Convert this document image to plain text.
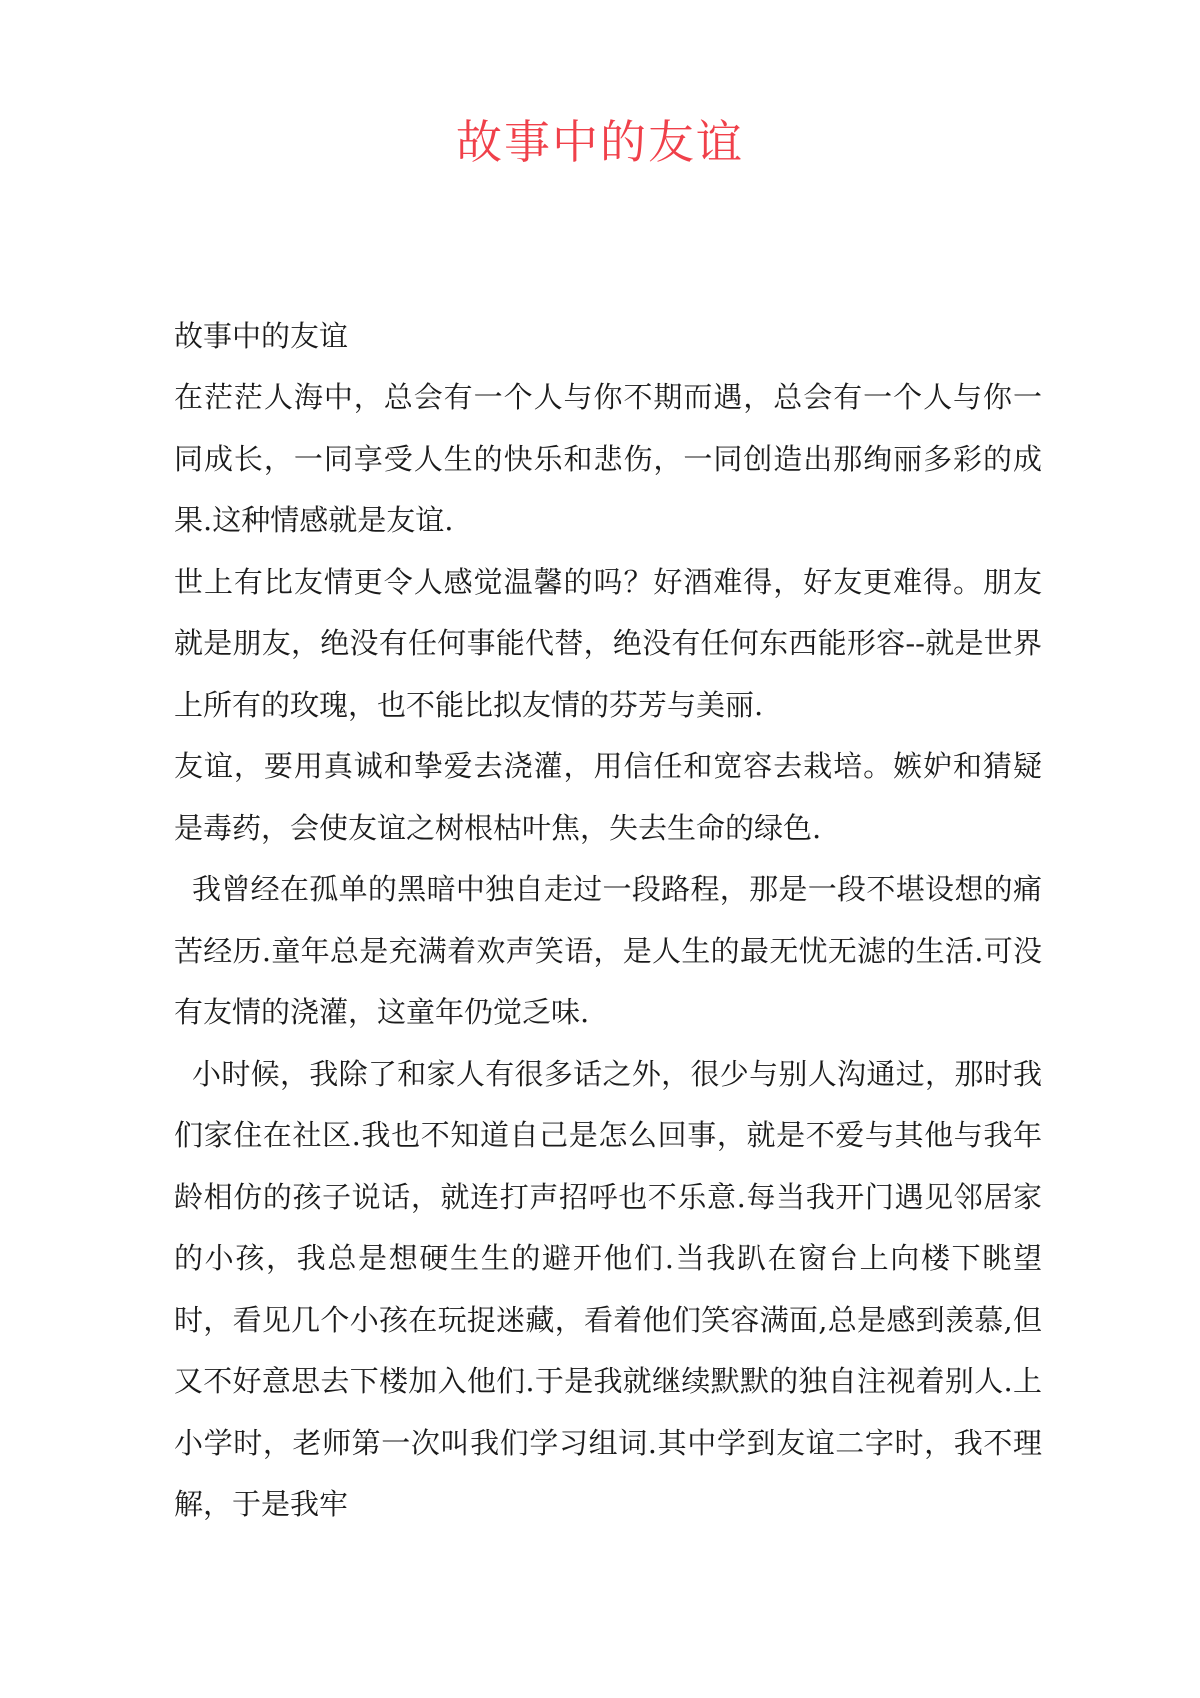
故事中的友谊

故事中的友谊

在茫茫人海中，总会有一个人与你不期而遇，总会有一个人与你一同成长，一同享受人生的快乐和悲伤，一同创造出那绚丽多彩的成果.这种情感就是友谊.

世上有比友情更令人感觉温馨的吗？好酒难得，好友更难得。朋友就是朋友，绝没有任何事能代替，绝没有任何东西能形容--就是世界上所有的玫瑰，也不能比拟友情的芬芳与美丽.

友谊，要用真诚和挚爱去浇灌，用信任和宽容去栽培。嫉妒和猜疑是毒药，会使友谊之树根枯叶焦，失去生命的绿色.

我曾经在孤单的黑暗中独自走过一段路程，那是一段不堪设想的痛苦经历.童年总是充满着欢声笑语，是人生的最无忧无滤的生活.可没有友情的浇灌，这童年仍觉乏味.

小时候，我除了和家人有很多话之外，很少与别人沟通过，那时我们家住在社区.我也不知道自己是怎么回事，就是不爱与其他与我年龄相仿的孩子说话，就连打声招呼也不乐意.每当我开门遇见邻居家的小孩，我总是想硬生生的避开他们.当我趴在窗台上向楼下眺望时，看见几个小孩在玩捉迷藏，看着他们笑容满面,总是感到羡慕,但又不好意思去下楼加入他们.于是我就继续默默的独自注视着别人.上小学时，老师第一次叫我们学习组词.其中学到友谊二字时，我不理解，于是我牢
